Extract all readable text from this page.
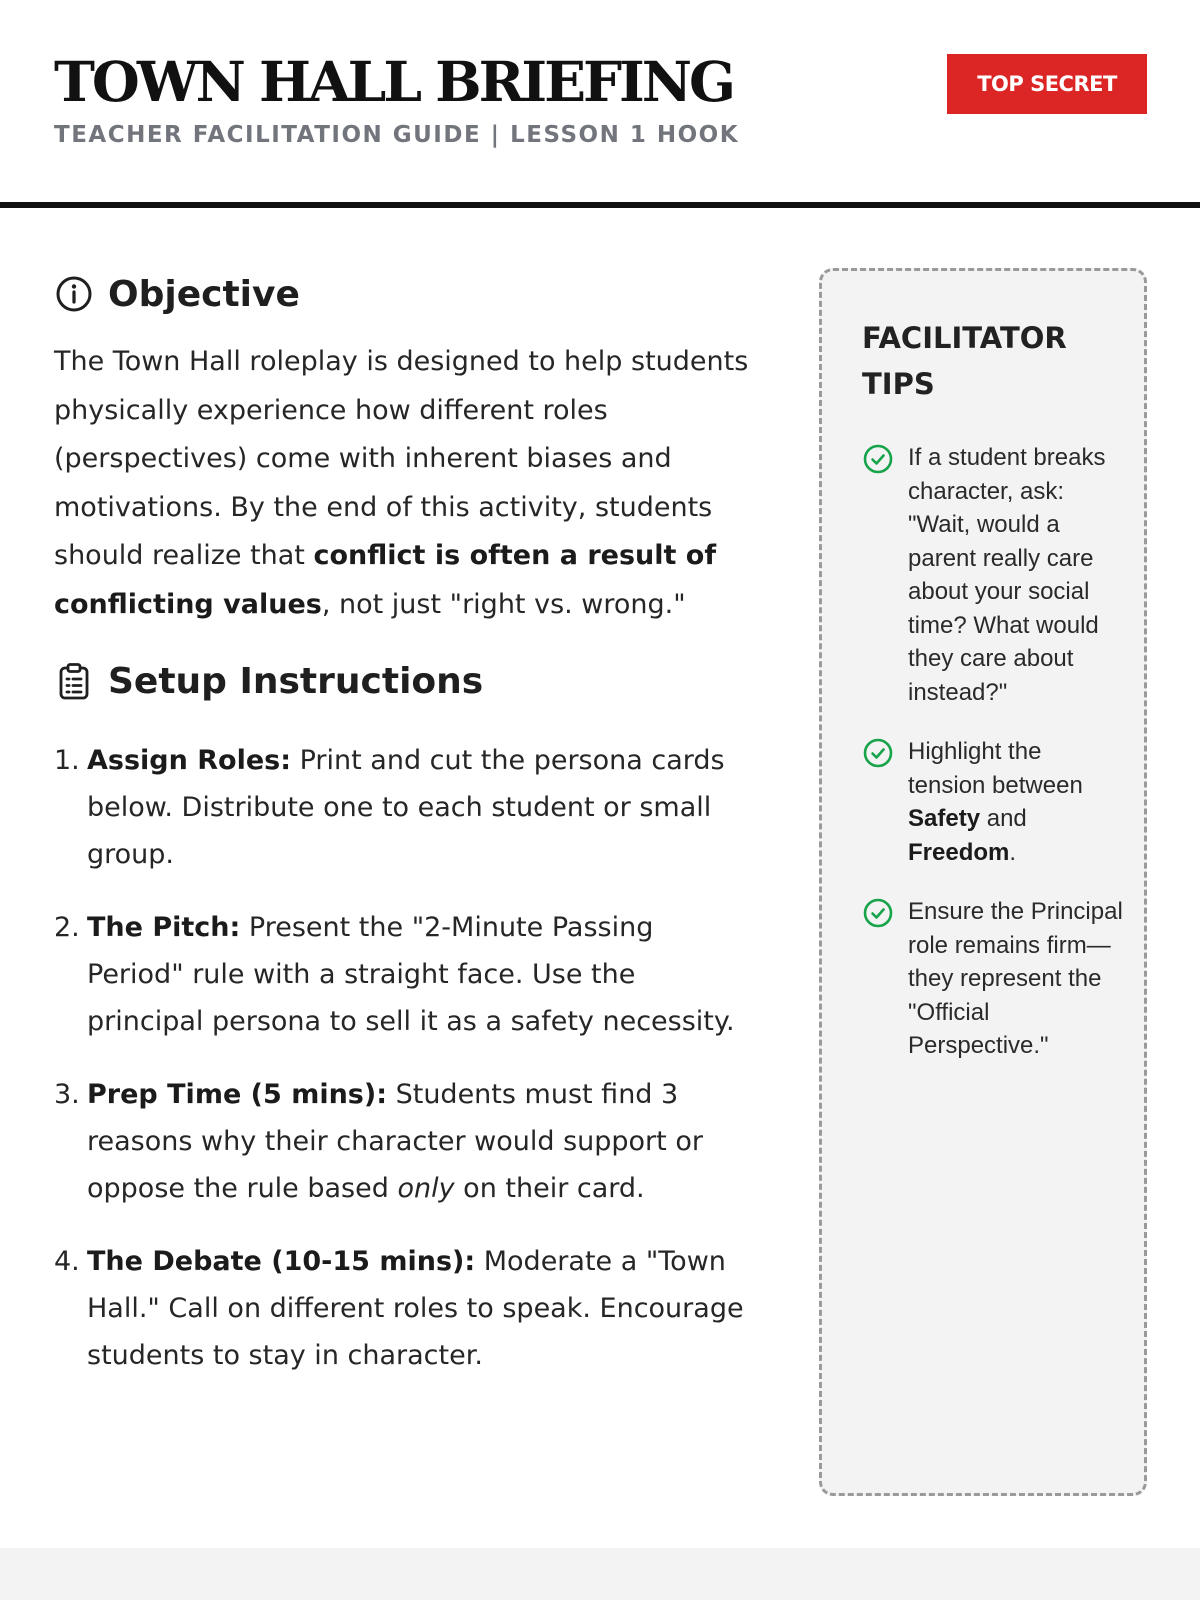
TOWN HALL BRIEFING
TEACHER FACILITATION GUIDE | LESSON 1 HOOK
TOP SECRET
Objective

The Town Hall roleplay is designed to help students physically experience how different roles (perspectives) come with inherent biases and motivations. By the end of this activity, students should realize that conflict is often a result of conflicting values, not just "right vs. wrong."

Setup Instructions
1. Assign Roles: Print and cut the persona cards below. Distribute one to each student or small group.
2. The Pitch: Present the "2-Minute Passing Period" rule with a straight face. Use the principal persona to sell it as a safety necessity.
3. Prep Time (5 mins): Students must find 3 reasons why their character would support or oppose the rule based only on their card.
4. The Debate (10-15 mins): Moderate a "Town Hall." Call on different roles to speak. Encourage students to stay in character.
FACILITATOR TIPS
If a student breaks character, ask: "Wait, would a parent really care about your social time? What would they care about instead?"
Highlight the tension between Safety and Freedom.
Ensure the Principal role remains firm—they represent the "Official Perspective."
